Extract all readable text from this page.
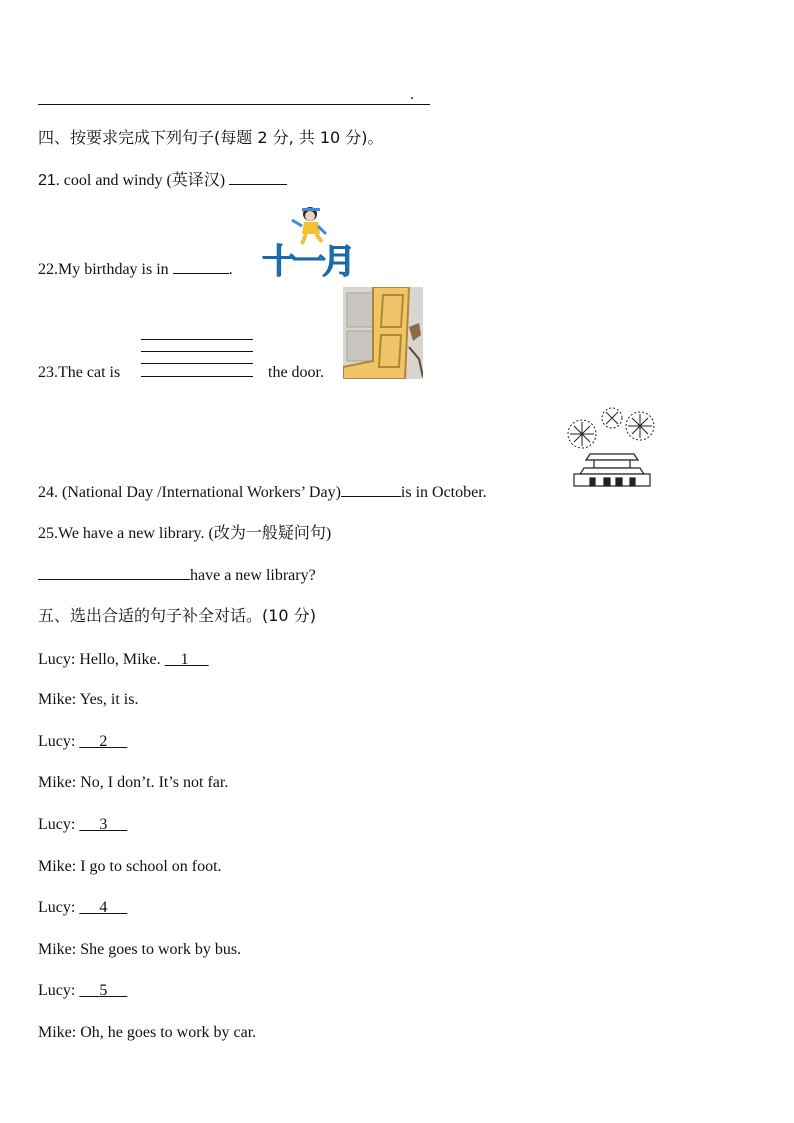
.
四、按要求完成下列句子(每题 2 分, 共 10 分)。
21. cool and windy (英译汉)
22.My birthday is in	. 十一月
23.The cat is	the door.
24. (National Day /International Workers’ Day)	is in October.
25.We have a new library. (改为一般疑问句)
have a new library?
五、选出合适的句子补全对话。(10 分)
Lucy: Hello, Mike. 1
Mike: Yes, it is.
Lucy: 2
Mike: No, I don’t. It’s not far.
Lucy: 3
Mike: I go to school on foot.
Lucy: 4
Mike: She goes to work by bus.
Lucy: 5
Mike: Oh, he goes to work by car.
